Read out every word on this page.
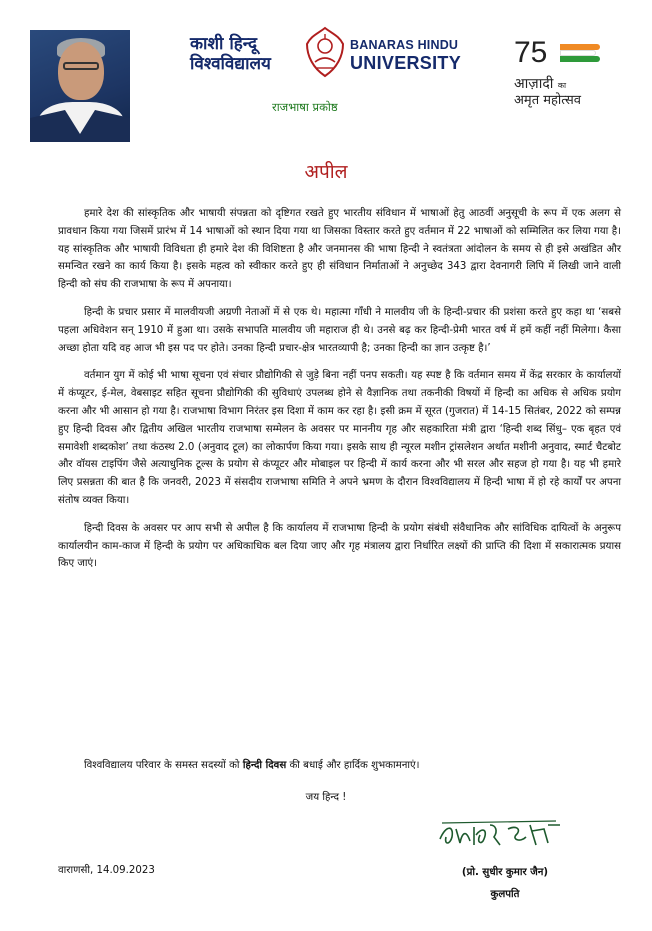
काशी हिन्दू
विश्वविद्यालय
BANARAS HINDU
UNIVERSITY
राजभाषा प्रकोष्ठ
75
आज़ादी का
अमृत महोत्सव
अपील

हमारे देश की सांस्कृतिक और भाषायी संपन्नता को दृष्टिगत रखते हुए भारतीय संविधान में भाषाओं हेतु आठवीं अनुसूची के रूप में एक अलग से प्रावधान किया गया जिसमें प्रारंभ में 14 भाषाओं को स्थान दिया गया था जिसका विस्तार करते हुए वर्तमान में 22 भाषाओं को सम्मिलित कर लिया गया है। यह सांस्कृतिक और भाषायी विविधता ही हमारे देश की विशिष्टता है और जनमानस की भाषा हिन्दी ने स्वतंत्रता आंदोलन के समय से ही इसे अखंडित और समन्वित रखने का कार्य किया है। इसके महत्व को स्वीकार करते हुए ही संविधान निर्माताओं ने अनुच्छेद 343 द्वारा देवनागरी लिपि में लिखी जाने वाली हिन्दी को संघ की राजभाषा के रूप में अपनाया।

हिन्दी के प्रचार प्रसार में मालवीयजी अग्रणी नेताओं में से एक थे। महात्मा गाँधी ने मालवीय जी के हिन्दी-प्रचार की प्रशंसा करते हुए कहा था ‘सबसे पहला अधिवेशन सन् 1910 में हुआ था। उसके सभापति मालवीय जी महाराज ही थे। उनसे बढ़ कर हिन्दी-प्रेमी भारत वर्ष में हमें कहीं नहीं मिलेगा। कैसा अच्छा होता यदि वह आज भी इस पद पर होते। उनका हिन्दी प्रचार-क्षेत्र भारतव्यापी है; उनका हिन्दी का ज्ञान उत्कृष्ट है।’

वर्तमान युग में कोई भी भाषा सूचना एवं संचार प्रौद्योगिकी से जुड़े बिना नहीं पनप सकती। यह स्पष्ट है कि वर्तमान समय में केंद्र सरकार के कार्यालयों में कंप्यूटर, ई-मेल, वेबसाइट सहित सूचना प्रौद्योगिकी की सुविधाएं उपलब्ध होने से वैज्ञानिक तथा तकनीकी विषयों में हिन्दी का अधिक से अधिक प्रयोग करना और भी आसान हो गया है। राजभाषा विभाग निरंतर इस दिशा में काम कर रहा है। इसी क्रम में सूरत (गुजरात) में 14-15 सितंबर, 2022 को सम्पन्न हुए हिन्दी दिवस और द्वितीय अखिल भारतीय राजभाषा सम्मेलन के अवसर पर माननीय गृह और सहकारिता मंत्री द्वारा ‘हिन्दी शब्द सिंधु– एक बृहत एवं समावेशी शब्दकोश’ तथा कंठस्थ 2.0 (अनुवाद टूल) का लोकार्पण किया गया। इसके साथ ही न्यूरल मशीन ट्रांसलेशन अर्थात मशीनी अनुवाद, स्मार्ट चैटबोट और वॉयस टाइपिंग जैसे अत्याधुनिक टूल्स के प्रयोग से कंप्यूटर और मोबाइल पर हिन्दी में कार्य करना और भी सरल और सहज हो गया है। यह भी हमारे लिए प्रसन्नता की बात है कि जनवरी, 2023 में संसदीय राजभाषा समिति ने अपने भ्रमण के दौरान विश्वविद्यालय में हिन्दी भाषा में हो रहे कार्यों पर अपना संतोष व्यक्त किया।

हिन्दी दिवस के अवसर पर आप सभी से अपील है कि कार्यालय में राजभाषा हिन्दी के प्रयोग संबंधी संवैधानिक और सांविधिक दायित्वों के अनुरूप कार्यालयीन काम-काज में हिन्दी के प्रयोग पर अधिकाधिक बल दिया जाए और गृह मंत्रालय द्वारा निर्धारित लक्ष्यों की प्राप्ति की दिशा में सकारात्मक प्रयास किए जाएं।

विश्वविद्यालय परिवार के समस्त सदस्यों को हिन्दी दिवस की बधाई और हार्दिक शुभकामनाएं।
जय हिन्द !
वाराणसी, 14.09.2023	(प्रो. सुधीर कुमार जैन)
कुलपति
